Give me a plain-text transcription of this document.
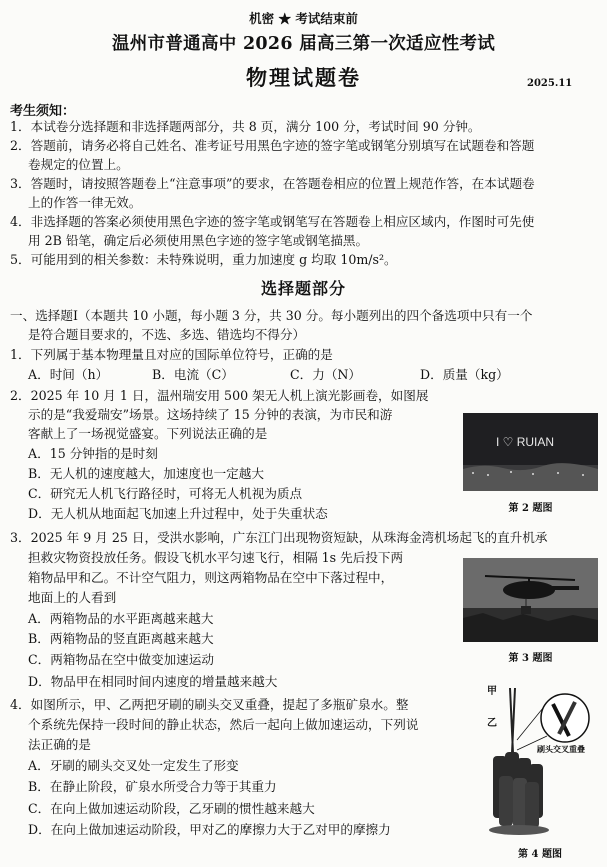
机密 ★ 考试结束前
温州市普通高中 2026 届高三第一次适应性考试
物理试题卷	2025.11
考生须知：
1．本试卷分选择题和非选择题两部分，共 8 页，满分 100 分，考试时间 90 分钟。
2．答题前，请务必将自己姓名、准考证号用黑色字迹的签字笔或钢笔分别填写在试题卷和答题
卷规定的位置上。
3．答题时，请按照答题卷上“注意事项”的要求，在答题卷相应的位置上规范作答，在本试题卷
上的作答一律无效。
4．非选择题的答案必须使用黑色字迹的签字笔或钢笔写在答题卷上相应区域内，作图时可先使
用 2B 铅笔，确定后必须使用黑色字迹的签字笔或钢笔描黑。
5．可能用到的相关参数：未特殊说明，重力加速度 g 均取 10m/s²。
选择题部分
一、选择题Ⅰ（本题共 10 小题，每小题 3 分，共 30 分。每小题列出的四个备选项中只有一个
是符合题目要求的，不选、多选、错选均不得分）
1．下列属于基本物理量且对应的国际单位符号，正确的是
A．时间（h）	B．电流（C）	C．力（N）	D．质量（kg）
2．2025 年 10 月 1 日，温州瑞安用 500 架无人机上演光影画卷，如图展
示的是“我爱瑞安”场景。这场持续了 15 分钟的表演，为市民和游
客献上了一场视觉盛宴。下列说法正确的是
A．15 分钟指的是时刻
B．无人机的速度越大，加速度也一定越大
C．研究无人机飞行路径时，可将无人机视为质点
D．无人机从地面起飞加速上升过程中，处于失重状态
I ♡ RUIAN
第 2 题图
3．2025 年 9 月 25 日，受洪水影响，广东江门出现物资短缺，从珠海金湾机场起飞的直升机承
担救灾物资投放任务。假设飞机水平匀速飞行，相隔 1s 先后投下两
箱物品甲和乙。不计空气阻力，则这两箱物品在空中下落过程中，
地面上的人看到
A．两箱物品的水平距离越来越大
B．两箱物品的竖直距离越来越大
C．两箱物品在空中做变加速运动
D．物品甲在相同时间内速度的增量越来越大
第 3 题图
4．如图所示，甲、乙两把牙刷的刷头交叉重叠，提起了多瓶矿泉水。整
个系统先保持一段时间的静止状态，然后一起向上做加速运动，下列说
法正确的是
A．牙刷的刷头交叉处一定发生了形变
B．在静止阶段，矿泉水所受合力等于其重力
C．在向上做加速运动阶段，乙牙刷的惯性越来越大
D．在向上做加速运动阶段，甲对乙的摩擦力大于乙对甲的摩擦力
甲
乙
刷头交叉重叠
第 4 题图
